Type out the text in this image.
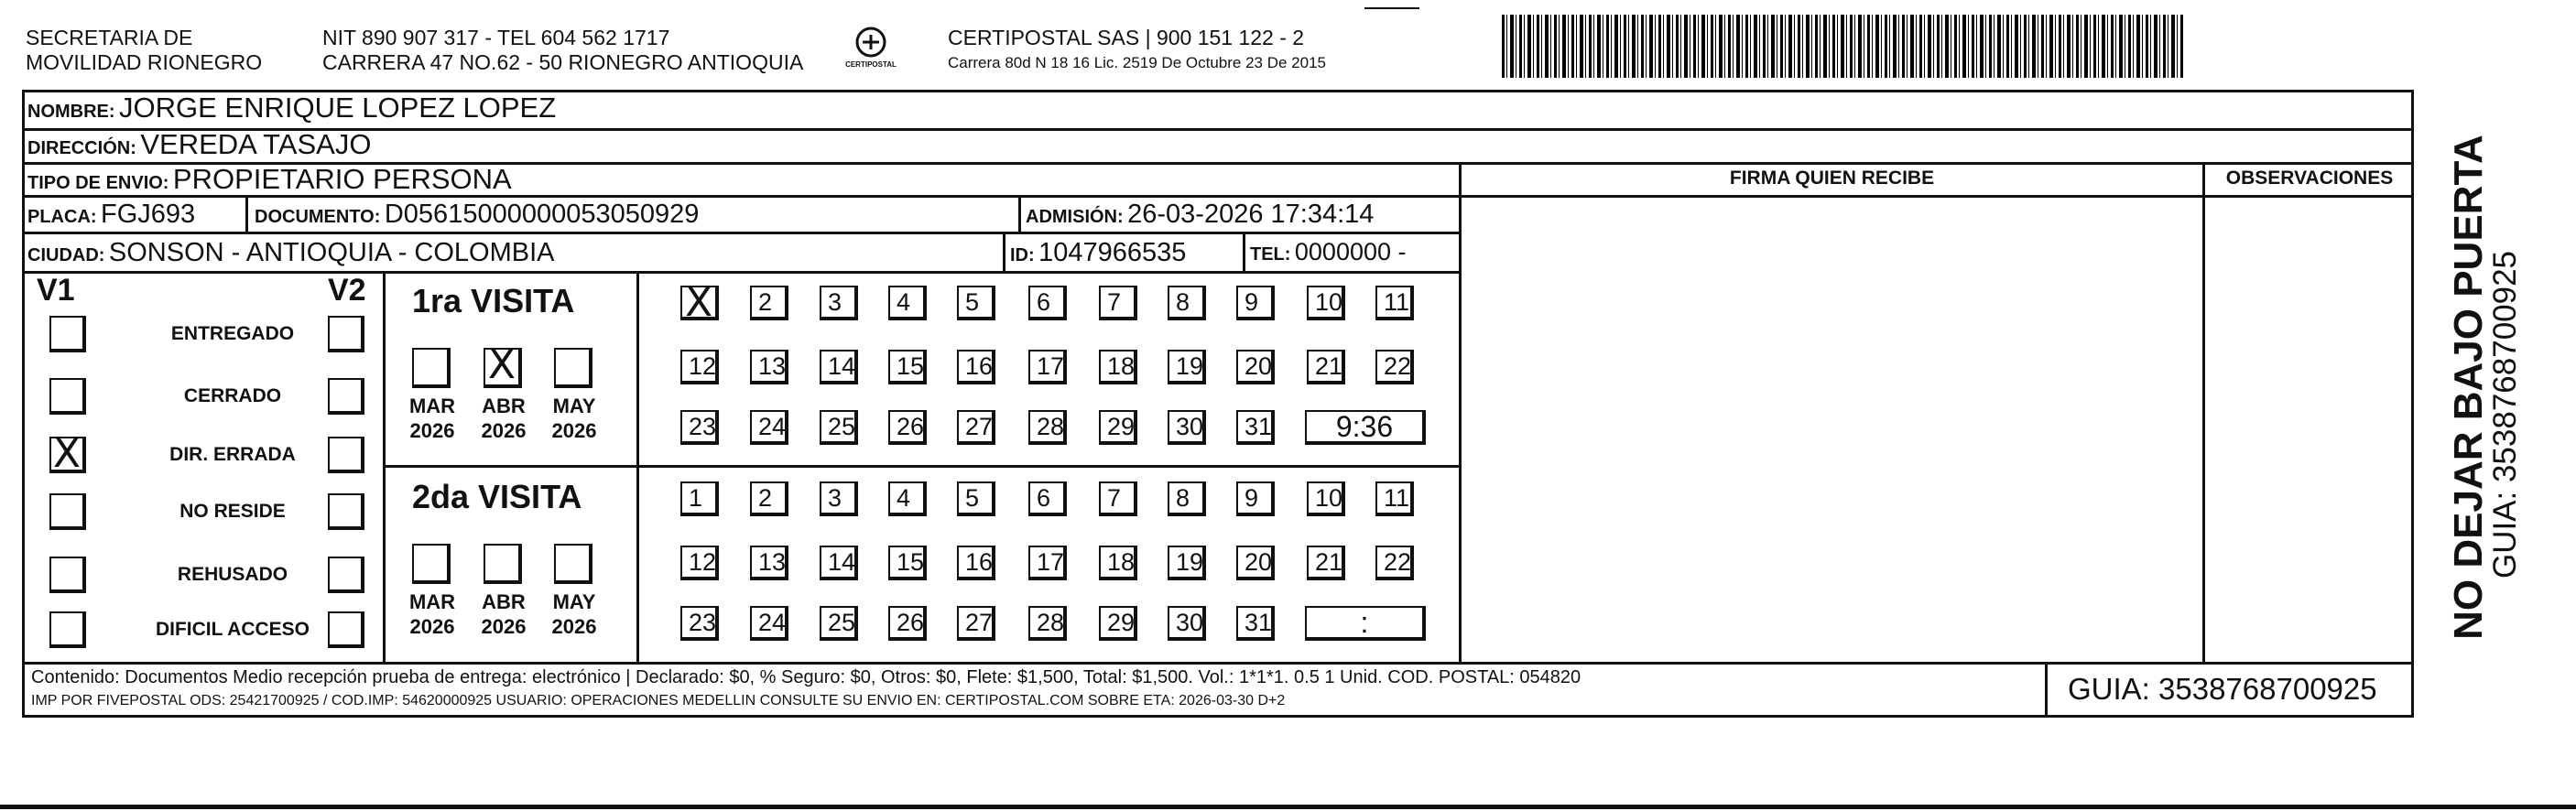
SECRETARIA DE
MOVILIDAD RIONEGRO
NIT 890 907 317 - TEL 604 562 1717
CARRERA 47 NO.62 - 50 RIONEGRO ANTIOQUIA	CERTIPOSTAL
CERTIPOSTAL SAS | 900 151 122 - 2
Carrera 80d N 18 16 Lic. 2519 De Octubre 23 De 2015
NOMBRE: JORGE ENRIQUE LOPEZ LOPEZ
DIRECCIÓN: VEREDA TASAJO
TIPO DE ENVIO: PROPIETARIO PERSONA	FIRMA QUIEN RECIBE	OBSERVACIONES
PLACA: FGJ693	DOCUMENTO: D05615000000053050929	ADMISIÓN: 26-03-2026 17:34:14
CIUDAD: SONSON - ANTIOQUIA - COLOMBIA	ID: 1047966535	TEL: 0000000 -
V1	V2
ENTREGADO
CERRADO
X	DIR. ERRADA
NO RESIDE
REHUSADO
DIFICIL ACCESO
1ra VISITA
MAR
2026
X
ABR
2026
MAY
2026
X	2	3	4	5	6	7	8	9	10	11
12	13	14	15	16	17	18	19	20	21	22
23	24	25	26	27	28	29	30	31	9:36
2da VISITA
MAR
2026
ABR
2026
MAY
2026
1	2	3	4	5	6	7	8	9	10	11
12	13	14	15	16	17	18	19	20	21	22
23	24	25	26	27	28	29	30	31	:
Contenido: Documentos Medio recepción prueba de entrega: electrónico | Declarado: $0, % Seguro: $0, Otros: $0, Flete: $1,500, Total: $1,500. Vol.: 1*1*1. 0.5 1 Unid. COD. POSTAL: 054820
IMP POR FIVEPOSTAL ODS: 25421700925 / COD.IMP: 54620000925 USUARIO: OPERACIONES MEDELLIN CONSULTE SU ENVIO EN: CERTIPOSTAL.COM SOBRE ETA: 2026-03-30 D+2	GUIA: 3538768700925
NO DEJAR BAJO PUERTA
GUIA: 3538768700925
